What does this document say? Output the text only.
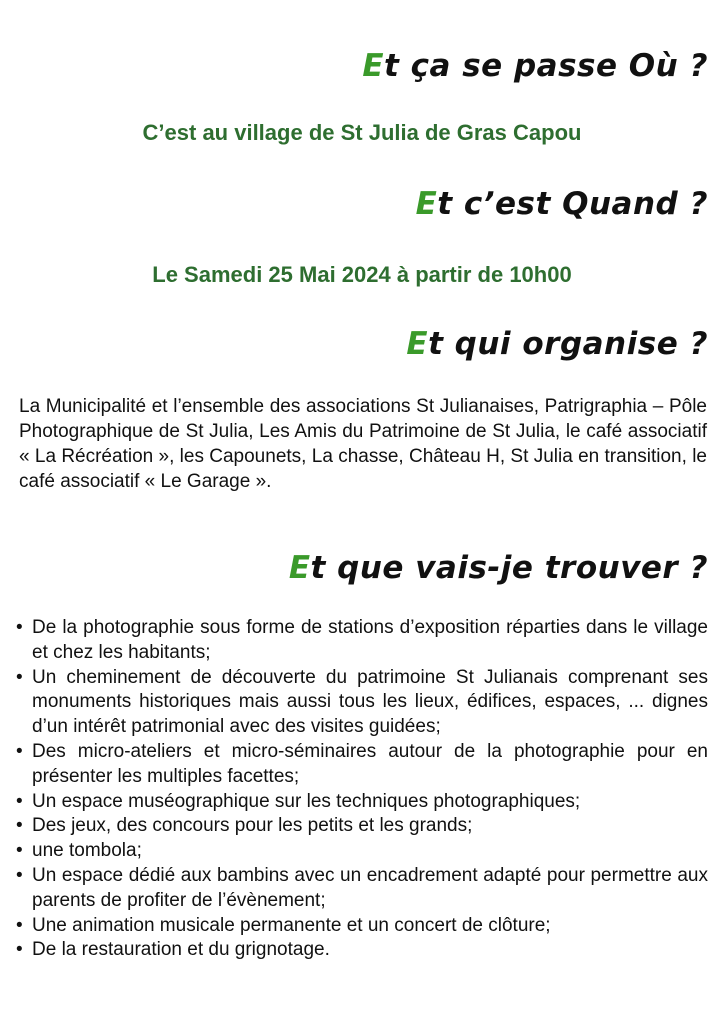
Et ça se passe Où ?

C’est au village de St Julia de Gras Capou

Et c’est Quand ?

Le Samedi 25 Mai 2024 à partir de 10h00

Et qui organise ?

La Municipalité et l’ensemble des associations St Julianaises, Patrigraphia – Pôle Photographique de St Julia, Les Amis du Patrimoine de St Julia, le café associatif « La Récréation », les Capounets, La chasse, Château H, St Julia en transition, le café associatif « Le Garage ».

Et que vais-je trouver ?
• De la photographie sous forme de stations d’exposition réparties dans le village et chez les habitants;
• Un cheminement de découverte du patrimoine St Julianais comprenant ses monuments historiques mais aussi tous les lieux, édifices, espaces, ... dignes d’un intérêt patrimonial avec des visites guidées;
• Des micro-ateliers et micro-séminaires autour de la photographie pour en présenter les multiples facettes;
• Un espace muséographique sur les techniques photographiques;
• Des jeux, des concours pour les petits et les grands;
• une tombola;
• Un espace dédié aux bambins avec un encadrement adapté pour permettre aux parents de profiter de l’évènement;
• Une animation musicale permanente et un concert de clôture;
• De la restauration et du grignotage.
